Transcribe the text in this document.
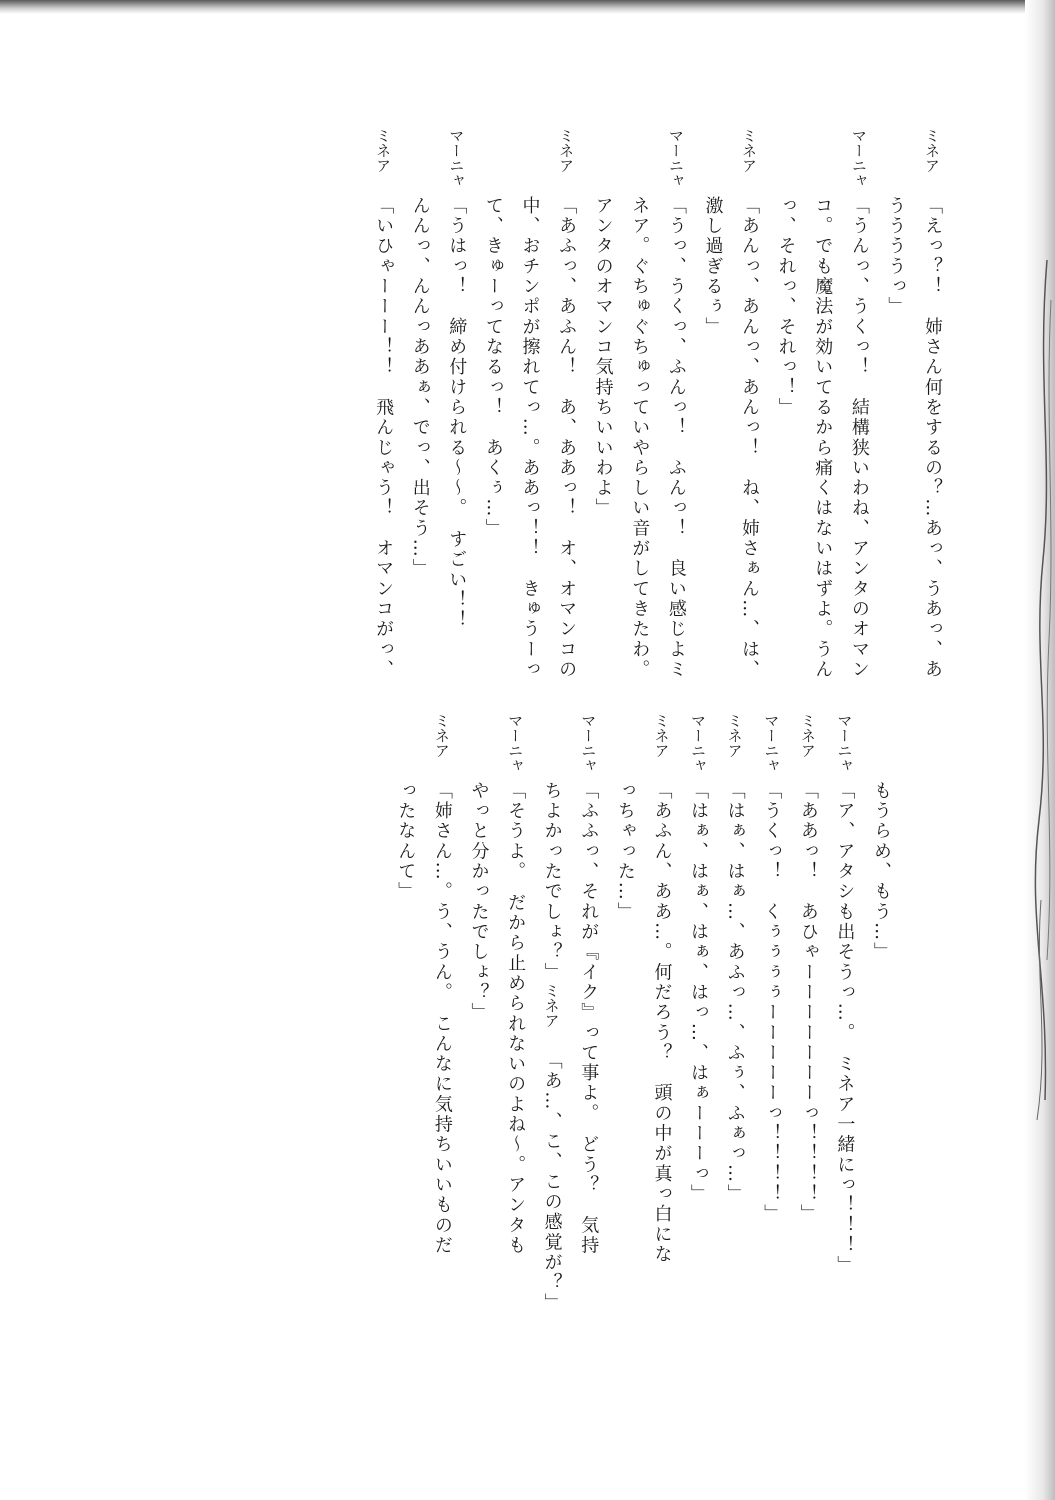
ミネア「えっ？！　姉さん何をするの？…あっ、うあっ、あううううっ」マーニャ「うんっ、うくっ！　結構狭いわね、アンタのオマンコ。でも魔法が効いてるから痛くはないはずよ。うんっ、それっ、それっ！」ミネア「あんっ、あんっ、あんっ！　ね、姉さぁん…、は、激し過ぎるぅ」マーニャ「うっ、うくっ、ふんっ！　ふんっ！　良い感じよミネア。ぐちゅぐちゅっていやらしい音がしてきたわ。アンタのオマンコ気持ちいいわよ」ミネア「あふっ、あふん！　あ、ああっ！　オ、オマンコの中、おチンポが擦れてっ…。ああっ！！　きゅうーって、きゅーってなるっ！　あくぅ…」マーニャ「うはっ！　締め付けられる～～。　すごい！！んんっ、んんっああぁ、でっ、出そう…」ミネア「いひゃーーー！！　飛んじゃう！　オマンコがっ、
もうらめ、もう…」マーニャ「ア、アタシも出そうっ…。　ミネア一緒にっ！！！」ミネア「ああっ！　あひゃーーーーーーーっ！！！！」マーニャ「うくっ！　くぅぅぅぅーーーーーっ！！！！」ミネア「はぁ、はぁ…、あふっ…、ふぅ、ふぁっ…」マーニャ「はぁ、はぁ、はぁ、はっ…、はぁーーーっ」ミネア「あふん、ああ…。何だろう？　頭の中が真っ白になっちゃった…」マーニャ「ふふっ、それが『イク』って事よ。　どう？　気持ちよかったでしょ？」ミネア「あ…、こ、この感覚が？」マーニャ「そうよ。　だから止められないのよね～。アンタもやっと分かったでしょ？」ミネア「姉さん…。う、うん。　こんなに気持ちいいものだったなんて」
